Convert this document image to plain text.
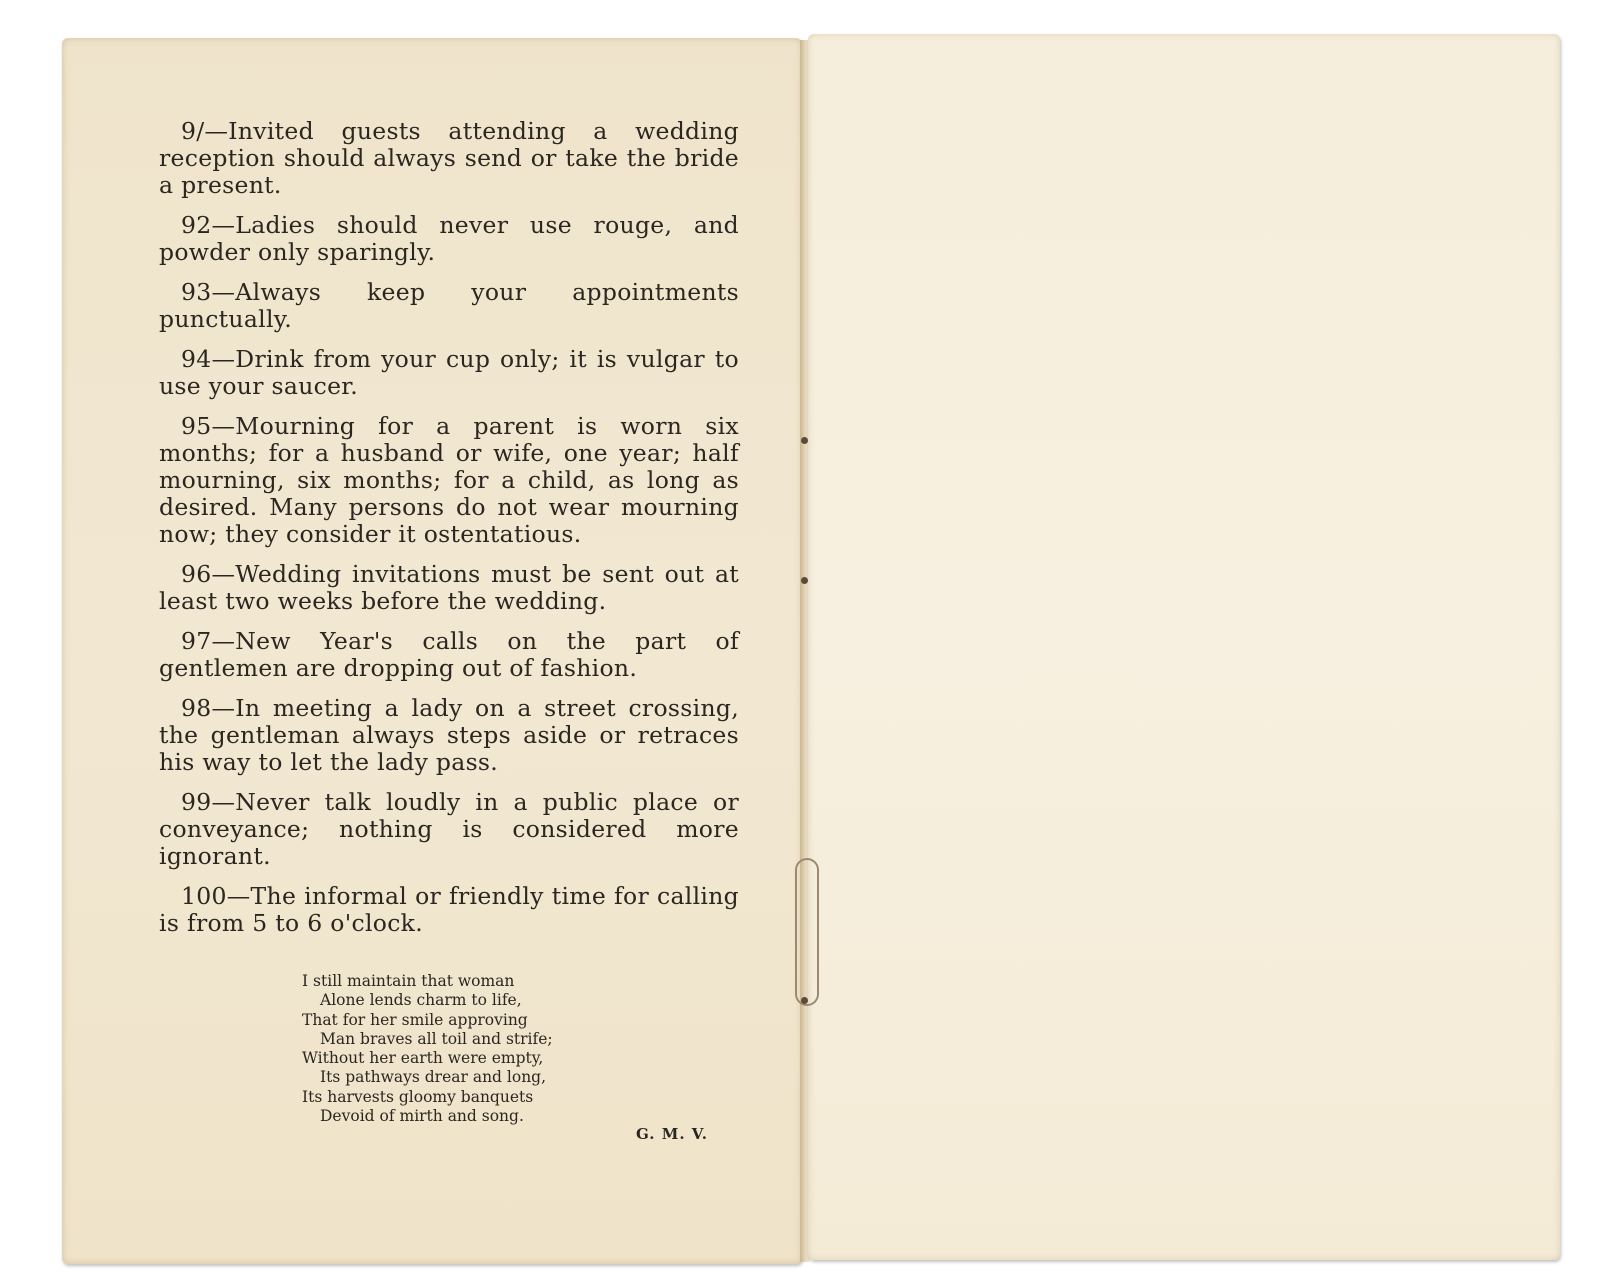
9/—Invited guests attending a wedding reception should always send or take the bride a present.

92—Ladies should never use rouge, and powder only sparingly.

93—Always keep your appointments punctually.

94—Drink from your cup only; it is vulgar to use your saucer.

95—Mourning for a parent is worn six months; for a husband or wife, one year; half mourning, six months; for a child, as long as desired. Many persons do not wear mourning now; they consider it ostentatious.

96—Wedding invitations must be sent out at least two weeks before the wedding.

97—New Year's calls on the part of gentlemen are dropping out of fashion.

98—In meeting a lady on a street crossing, the gentleman always steps aside or retraces his way to let the lady pass.

99—Never talk loudly in a public place or conveyance; nothing is considered more ignorant.

100—The informal or friendly time for calling is from 5 to 6 o'clock.

I still maintain that woman
Alone lends charm to life,
That for her smile approving
Man braves all toil and strife;
Without her earth were empty,
Its pathways drear and long,
Its harvests gloomy banquets
Devoid of mirth and song.
G. M. V.
